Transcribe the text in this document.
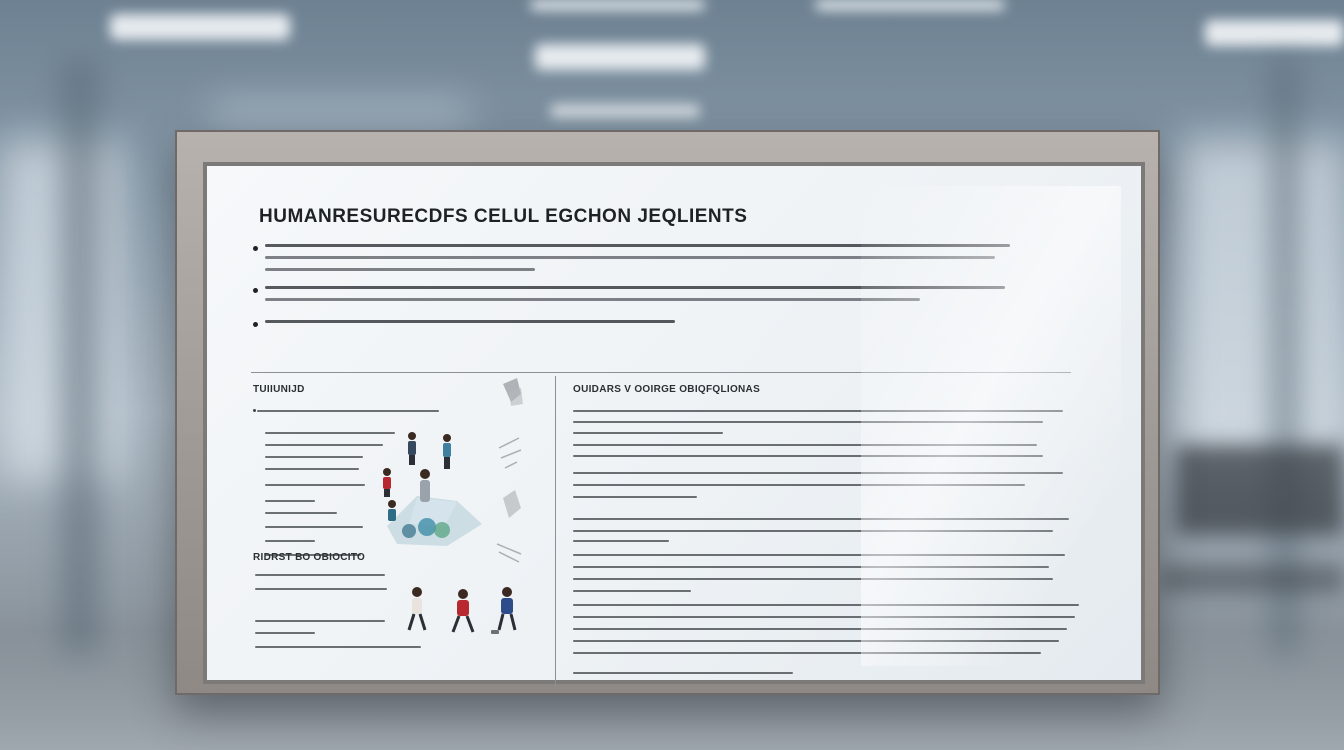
HUMANRESUREСDFS CELUL EGCHON JEQLIENTS
TUIIUNIJD
RIDRST ВО ОВІОСІТО
OUIDARS V OOIRGE OBIQFQLIONAS
